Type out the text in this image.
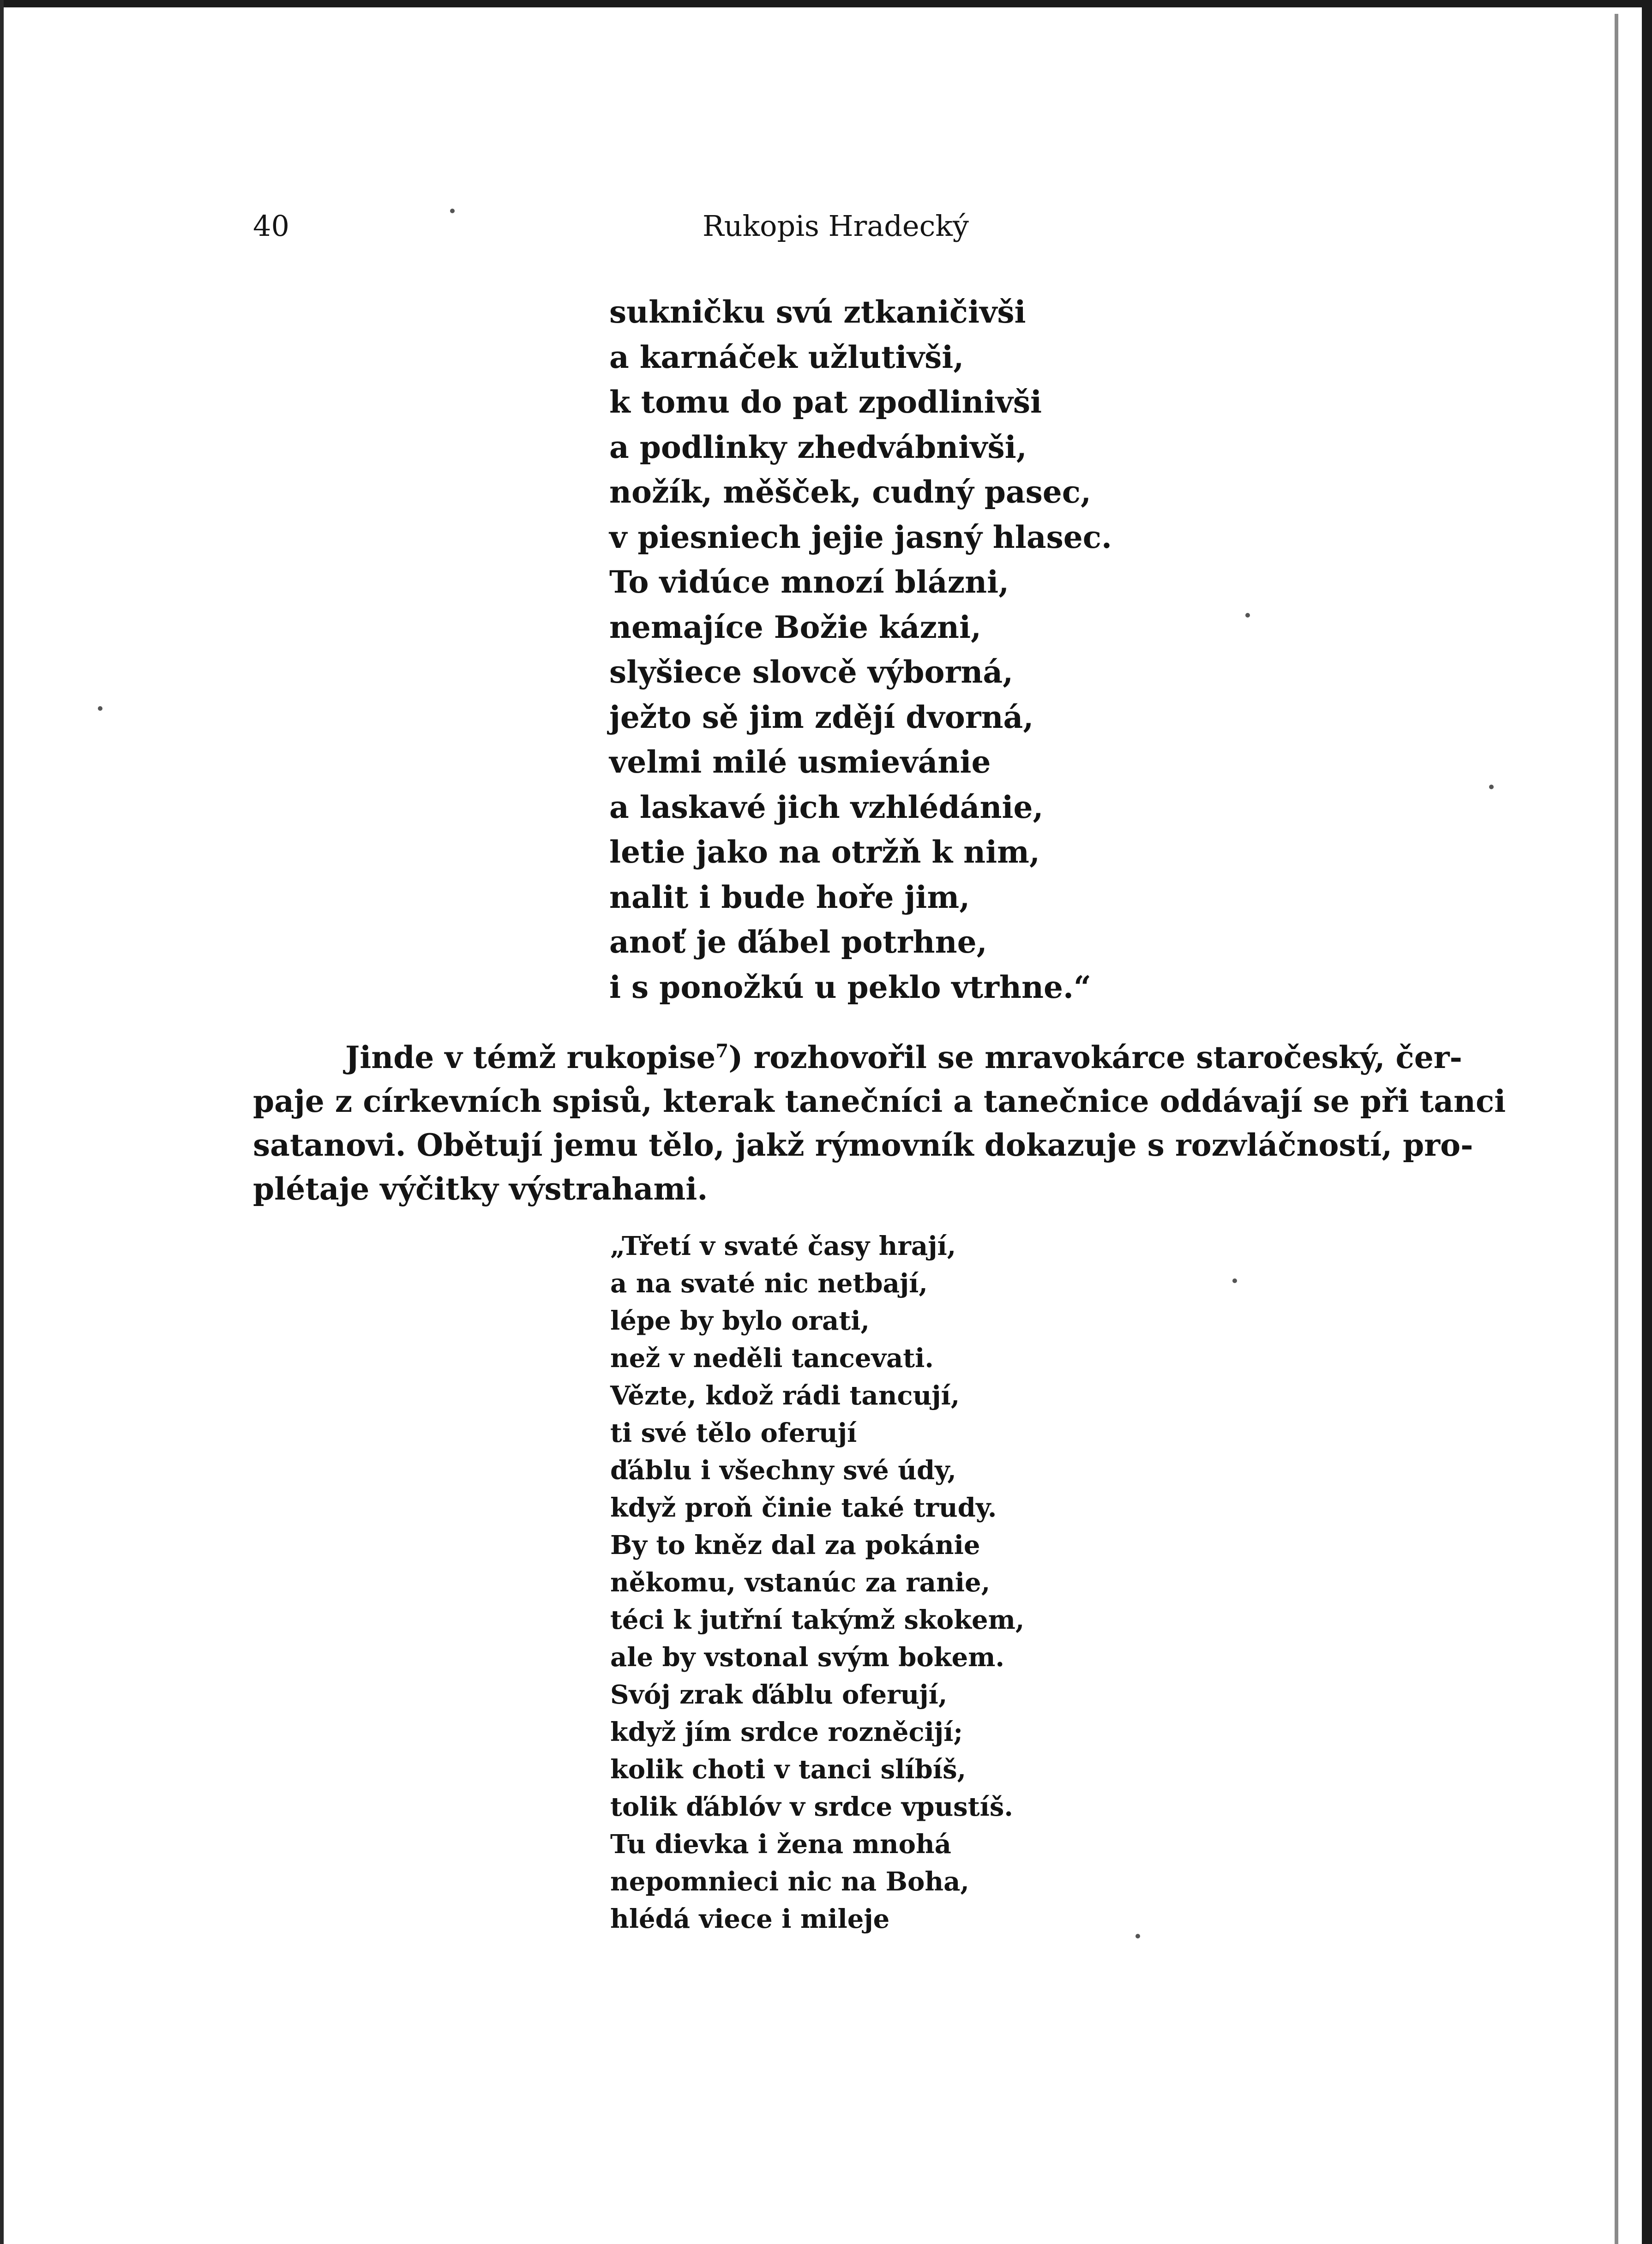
40	Rukopis Hradecký
sukničku svú ztkaničivši
a karnáček užlutivši,
k tomu do pat zpodlinivši
a podlinky zhedvábnivši,
nožík, měšček, cudný pasec,
v piesniech jejie jasný hlasec.
To vidúce mnozí blázni,
nemajíce Božie kázni,
slyšiece slovcě výborná,
ježto sě jim zdějí dvorná,
velmi milé usmievánie
a laskavé jich vzhlédánie,
letie jako na otržň k nim,
nalit i bude hoře jim,
anoť je ďábel potrhne,
i s ponožkú u peklo vtrhne.“
Jinde v témž rukopise$^7$) rozhovořil se mravokárce staročeský, čer-
paje z církevních spisů, kterak tanečníci a tanečnice oddávají se při tanci
satanovi. Obětují jemu tělo, jakž rýmovník dokazuje s rozvláčností, pro-
plétaje výčitky výstrahami.
„Třetí v svaté časy hrají,
a na svaté nic netbají,
lépe by bylo orati,
než v neděli tancevati.
Vězte, kdož rádi tancují,
ti své tělo oferují
ďáblu i všechny své údy,
když proň činie také trudy.
By to kněz dal za pokánie
někomu, vstanúc za ranie,
téci k jutřní takýmž skokem,
ale by vstonal svým bokem.
Svój zrak ďáblu oferují,
když jím srdce rozněcijí;
kolik choti v tanci slíbíš,
tolik ďáblóv v srdce vpustíš.
Tu dievka i žena mnohá
nepomnieci nic na Boha,
hlédá viece i mileje
